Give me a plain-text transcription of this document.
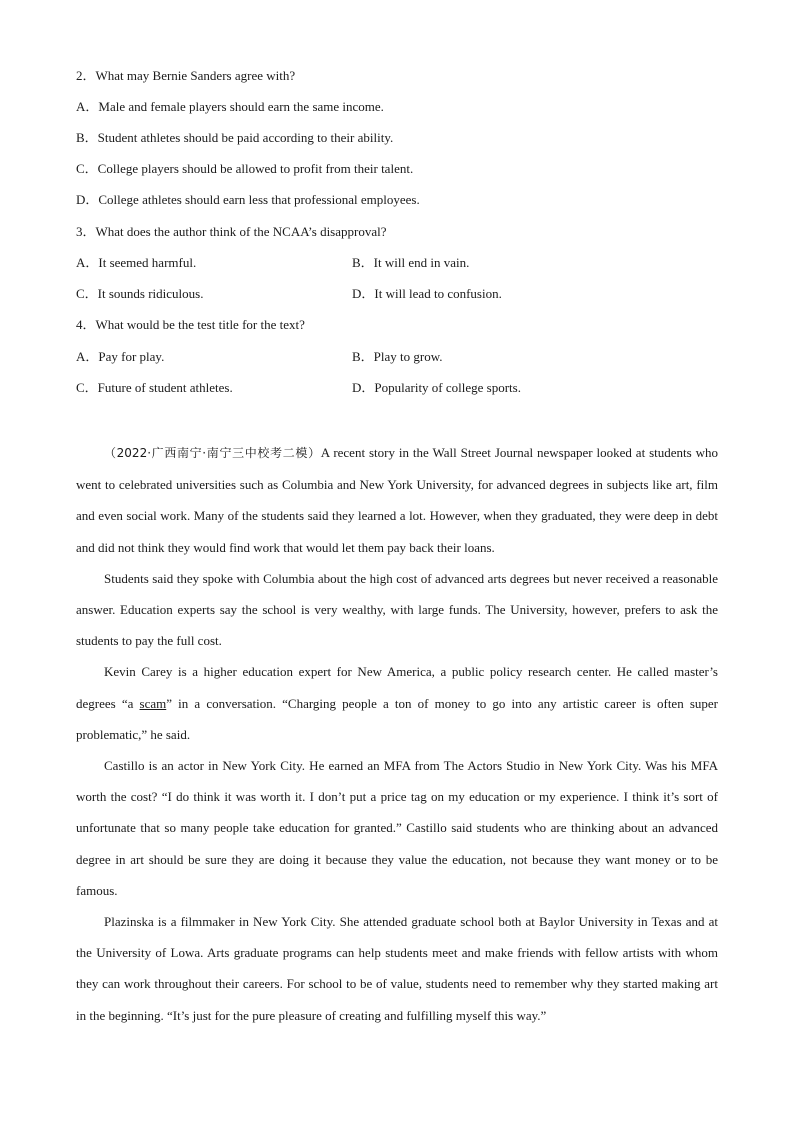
2．What may Bernie Sanders agree with?
A．Male and female players should earn the same income.
B．Student athletes should be paid according to their ability.
C．College players should be allowed to profit from their talent.
D．College athletes should earn less that professional employees.
3．What does the author think of the NCAA’s disapproval?
A．It seemed harmful.	B．It will end in vain.
C．It sounds ridiculous.	D．It will lead to confusion.
4．What would be the test title for the text?
A．Pay for play.	B．Play to grow.
C．Future of student athletes.	D．Popularity of college sports.

（2022·广西南宁·南宁三中校考二模）A recent story in the Wall Street Journal newspaper looked at students who went to celebrated universities such as Columbia and New York University, for advanced degrees in subjects like art, film and even social work. Many of the students said they learned a lot. However, when they graduated, they were deep in debt and did not think they would find work that would let them pay back their loans.

Students said they spoke with Columbia about the high cost of advanced arts degrees but never received a reasonable answer. Education experts say the school is very wealthy, with large funds. The University, however, prefers to ask the students to pay the full cost.

Kevin Carey is a higher education expert for New America, a public policy research center. He called master’s degrees “a scam” in a conversation. “Charging people a ton of money to go into any artistic career is often super problematic,” he said.

Castillo is an actor in New York City. He earned an MFA from The Actors Studio in New York City. Was his MFA worth the cost? “I do think it was worth it. I don’t put a price tag on my education or my experience. I think it’s sort of unfortunate that so many people take education for granted.” Castillo said students who are thinking about an advanced degree in art should be sure they are doing it because they value the education, not because they want money or to be famous.

Plazinska is a filmmaker in New York City. She attended graduate school both at Baylor University in Texas and at the University of Lowa. Arts graduate programs can help students meet and make friends with fellow artists with whom they can work throughout their careers. For school to be of value, students need to remember why they started making art in the beginning. “It’s just for the pure pleasure of creating and fulfilling myself this way.”
